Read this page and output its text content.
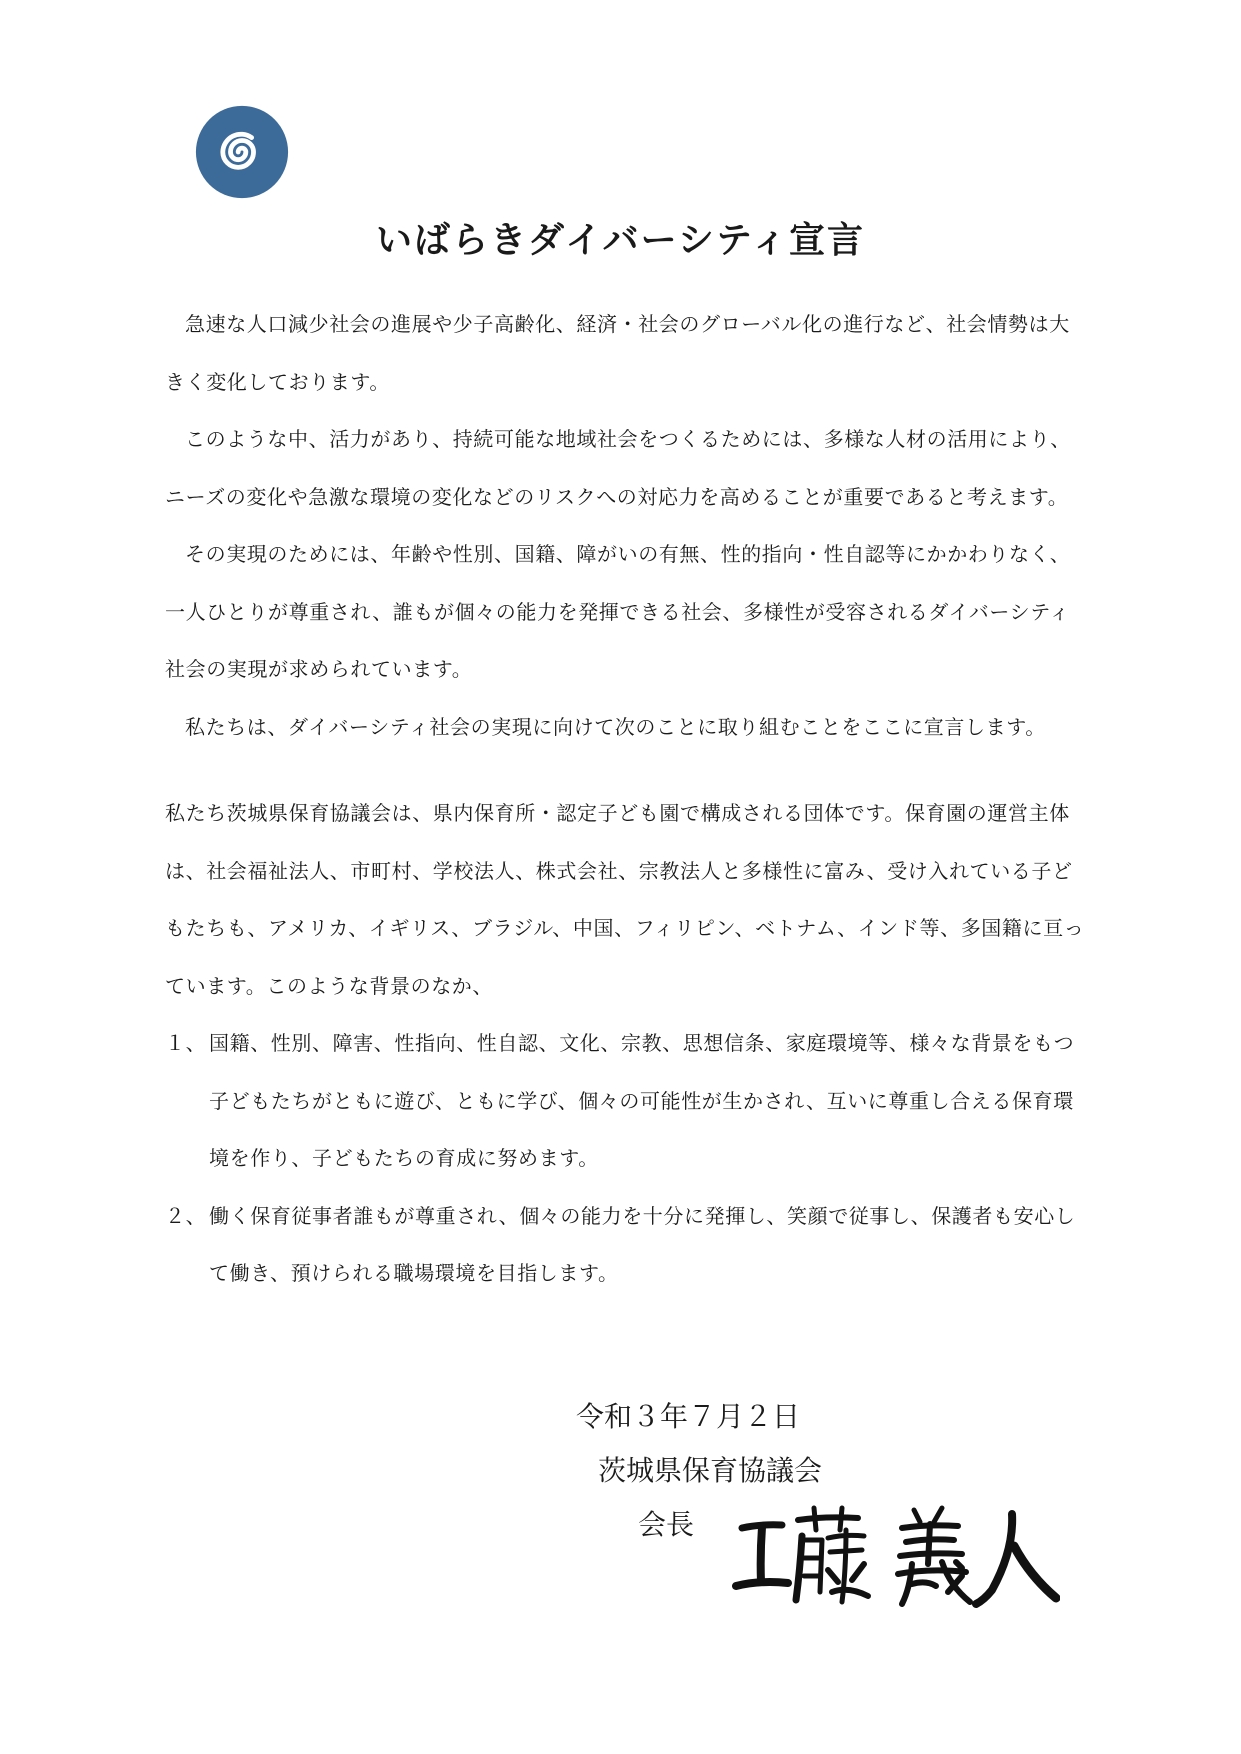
いばらきダイバーシティ宣言

急速な人口減少社会の進展や少子高齢化、経済・社会のグローバル化の進行など、社会情勢は大きく変化しております。

このような中、活力があり、持続可能な地域社会をつくるためには、多様な人材の活用により、ニーズの変化や急激な環境の変化などのリスクへの対応力を高めることが重要であると考えます。

その実現のためには、年齢や性別、国籍、障がいの有無、性的指向・性自認等にかかわりなく、一人ひとりが尊重され、誰もが個々の能力を発揮できる社会、多様性が受容されるダイバーシティ社会の実現が求められています。

私たちは、ダイバーシティ社会の実現に向けて次のことに取り組むことをここに宣言します。

私たち茨城県保育協議会は、県内保育所・認定子ども園で構成される団体です。保育園の運営主体は、社会福祉法人、市町村、学校法人、株式会社、宗教法人と多様性に富み、受け入れている子どもたちも、アメリカ、イギリス、ブラジル、中国、フィリピン、ベトナム、インド等、多国籍に亘っています。このような背景のなか、

１、 国籍、性別、障害、性指向、性自認、文化、宗教、思想信条、家庭環境等、様々な背景をもつ子どもたちがともに遊び、ともに学び、個々の可能性が生かされ、互いに尊重し合える保育環境を作り、子どもたちの育成に努めます。
２、 働く保育従事者誰もが尊重され、個々の能力を十分に発揮し、笑顔で従事し、保護者も安心して働き、預けられる職場環境を目指します。
令和３年７月２日
茨城県保育協議会
会長
